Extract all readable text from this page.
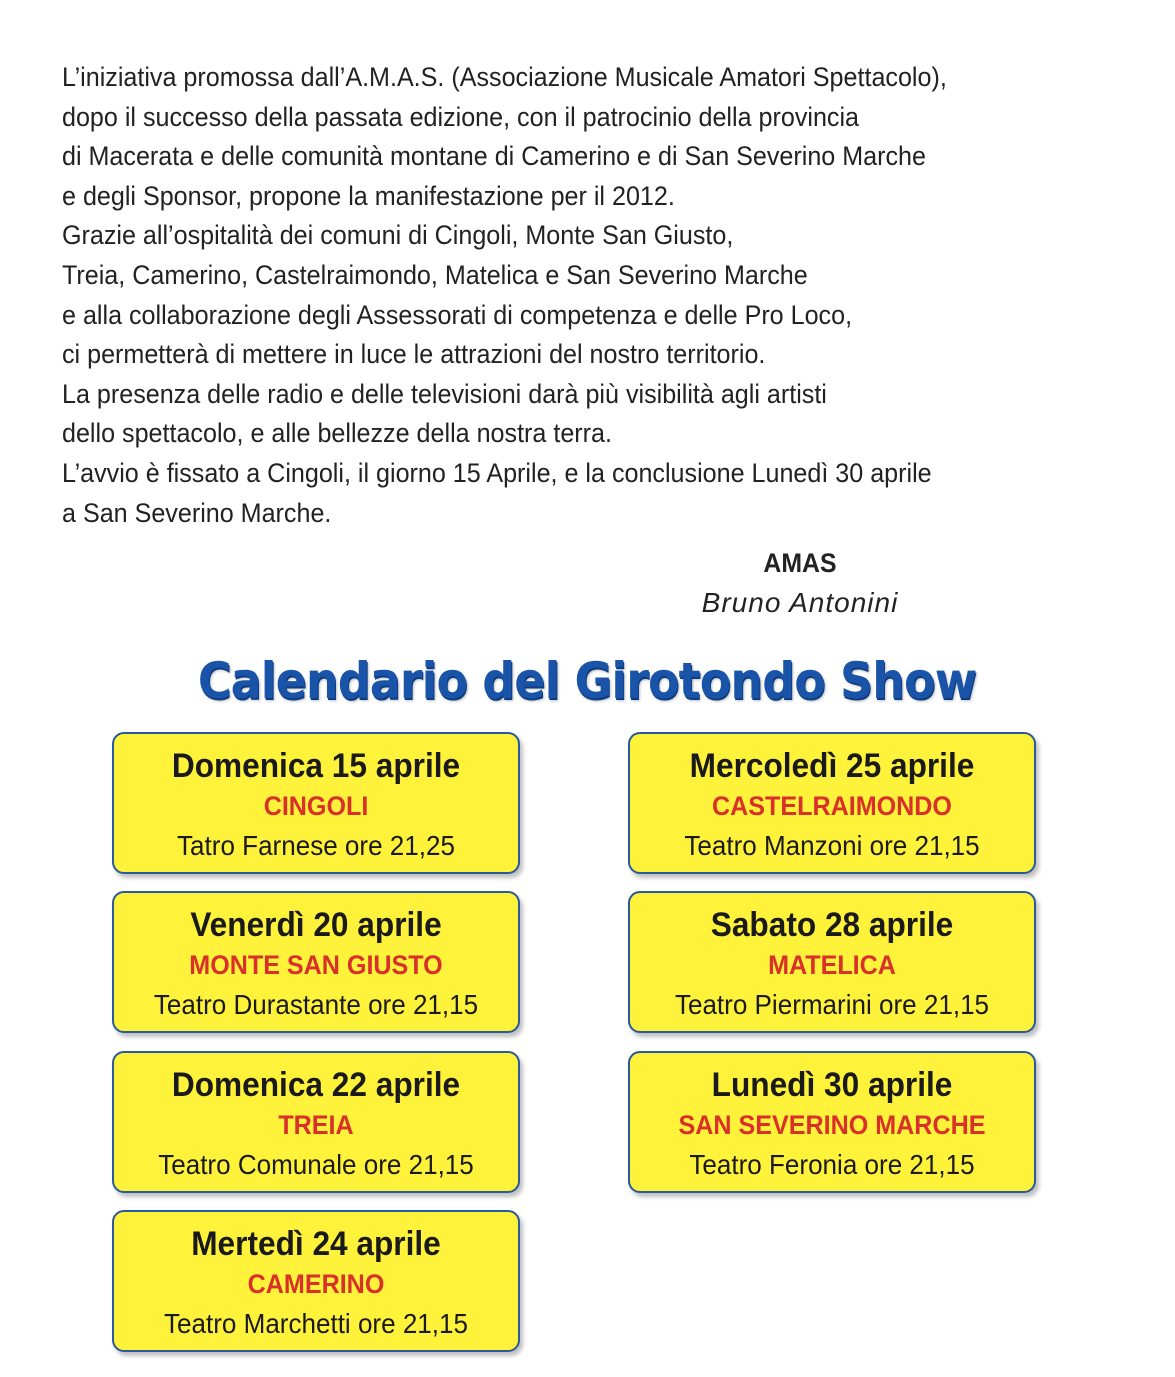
L’iniziativa promossa dall’A.M.A.S. (Associazione Musicale Amatori Spettacolo),
dopo il successo della passata edizione, con il patrocinio della provincia
di Macerata e delle comunità montane di Camerino e di San Severino Marche
e degli Sponsor, propone la manifestazione per il 2012.
Grazie all’ospitalità dei comuni di Cingoli, Monte San Giusto,
Treia, Camerino, Castelraimondo, Matelica e San Severino Marche
e alla collaborazione degli Assessorati di competenza e delle Pro Loco,
ci permetterà di mettere in luce le attrazioni del nostro territorio.
La presenza delle radio e delle televisioni darà più visibilità agli artisti
dello spettacolo, e alle bellezze della nostra terra.
L’avvio è fissato a Cingoli, il giorno 15 Aprile, e la conclusione Lunedì 30 aprile
a San Severino Marche.
AMAS
Bruno Antonini
Calendario del Girotondo Show
Domenica 15 aprile
CINGOLI
Tatro Farnese ore 21,25
Venerdì 20 aprile
MONTE SAN GIUSTO
Teatro Durastante ore 21,15
Domenica 22 aprile
TREIA
Teatro Comunale ore 21,15
Mertedì 24 aprile
CAMERINO
Teatro Marchetti ore 21,15
Mercoledì 25 aprile
CASTELRAIMONDO
Teatro Manzoni ore 21,15
Sabato 28 aprile
MATELICA
Teatro Piermarini ore 21,15
Lunedì 30 aprile
SAN SEVERINO MARCHE
Teatro Feronia ore 21,15
